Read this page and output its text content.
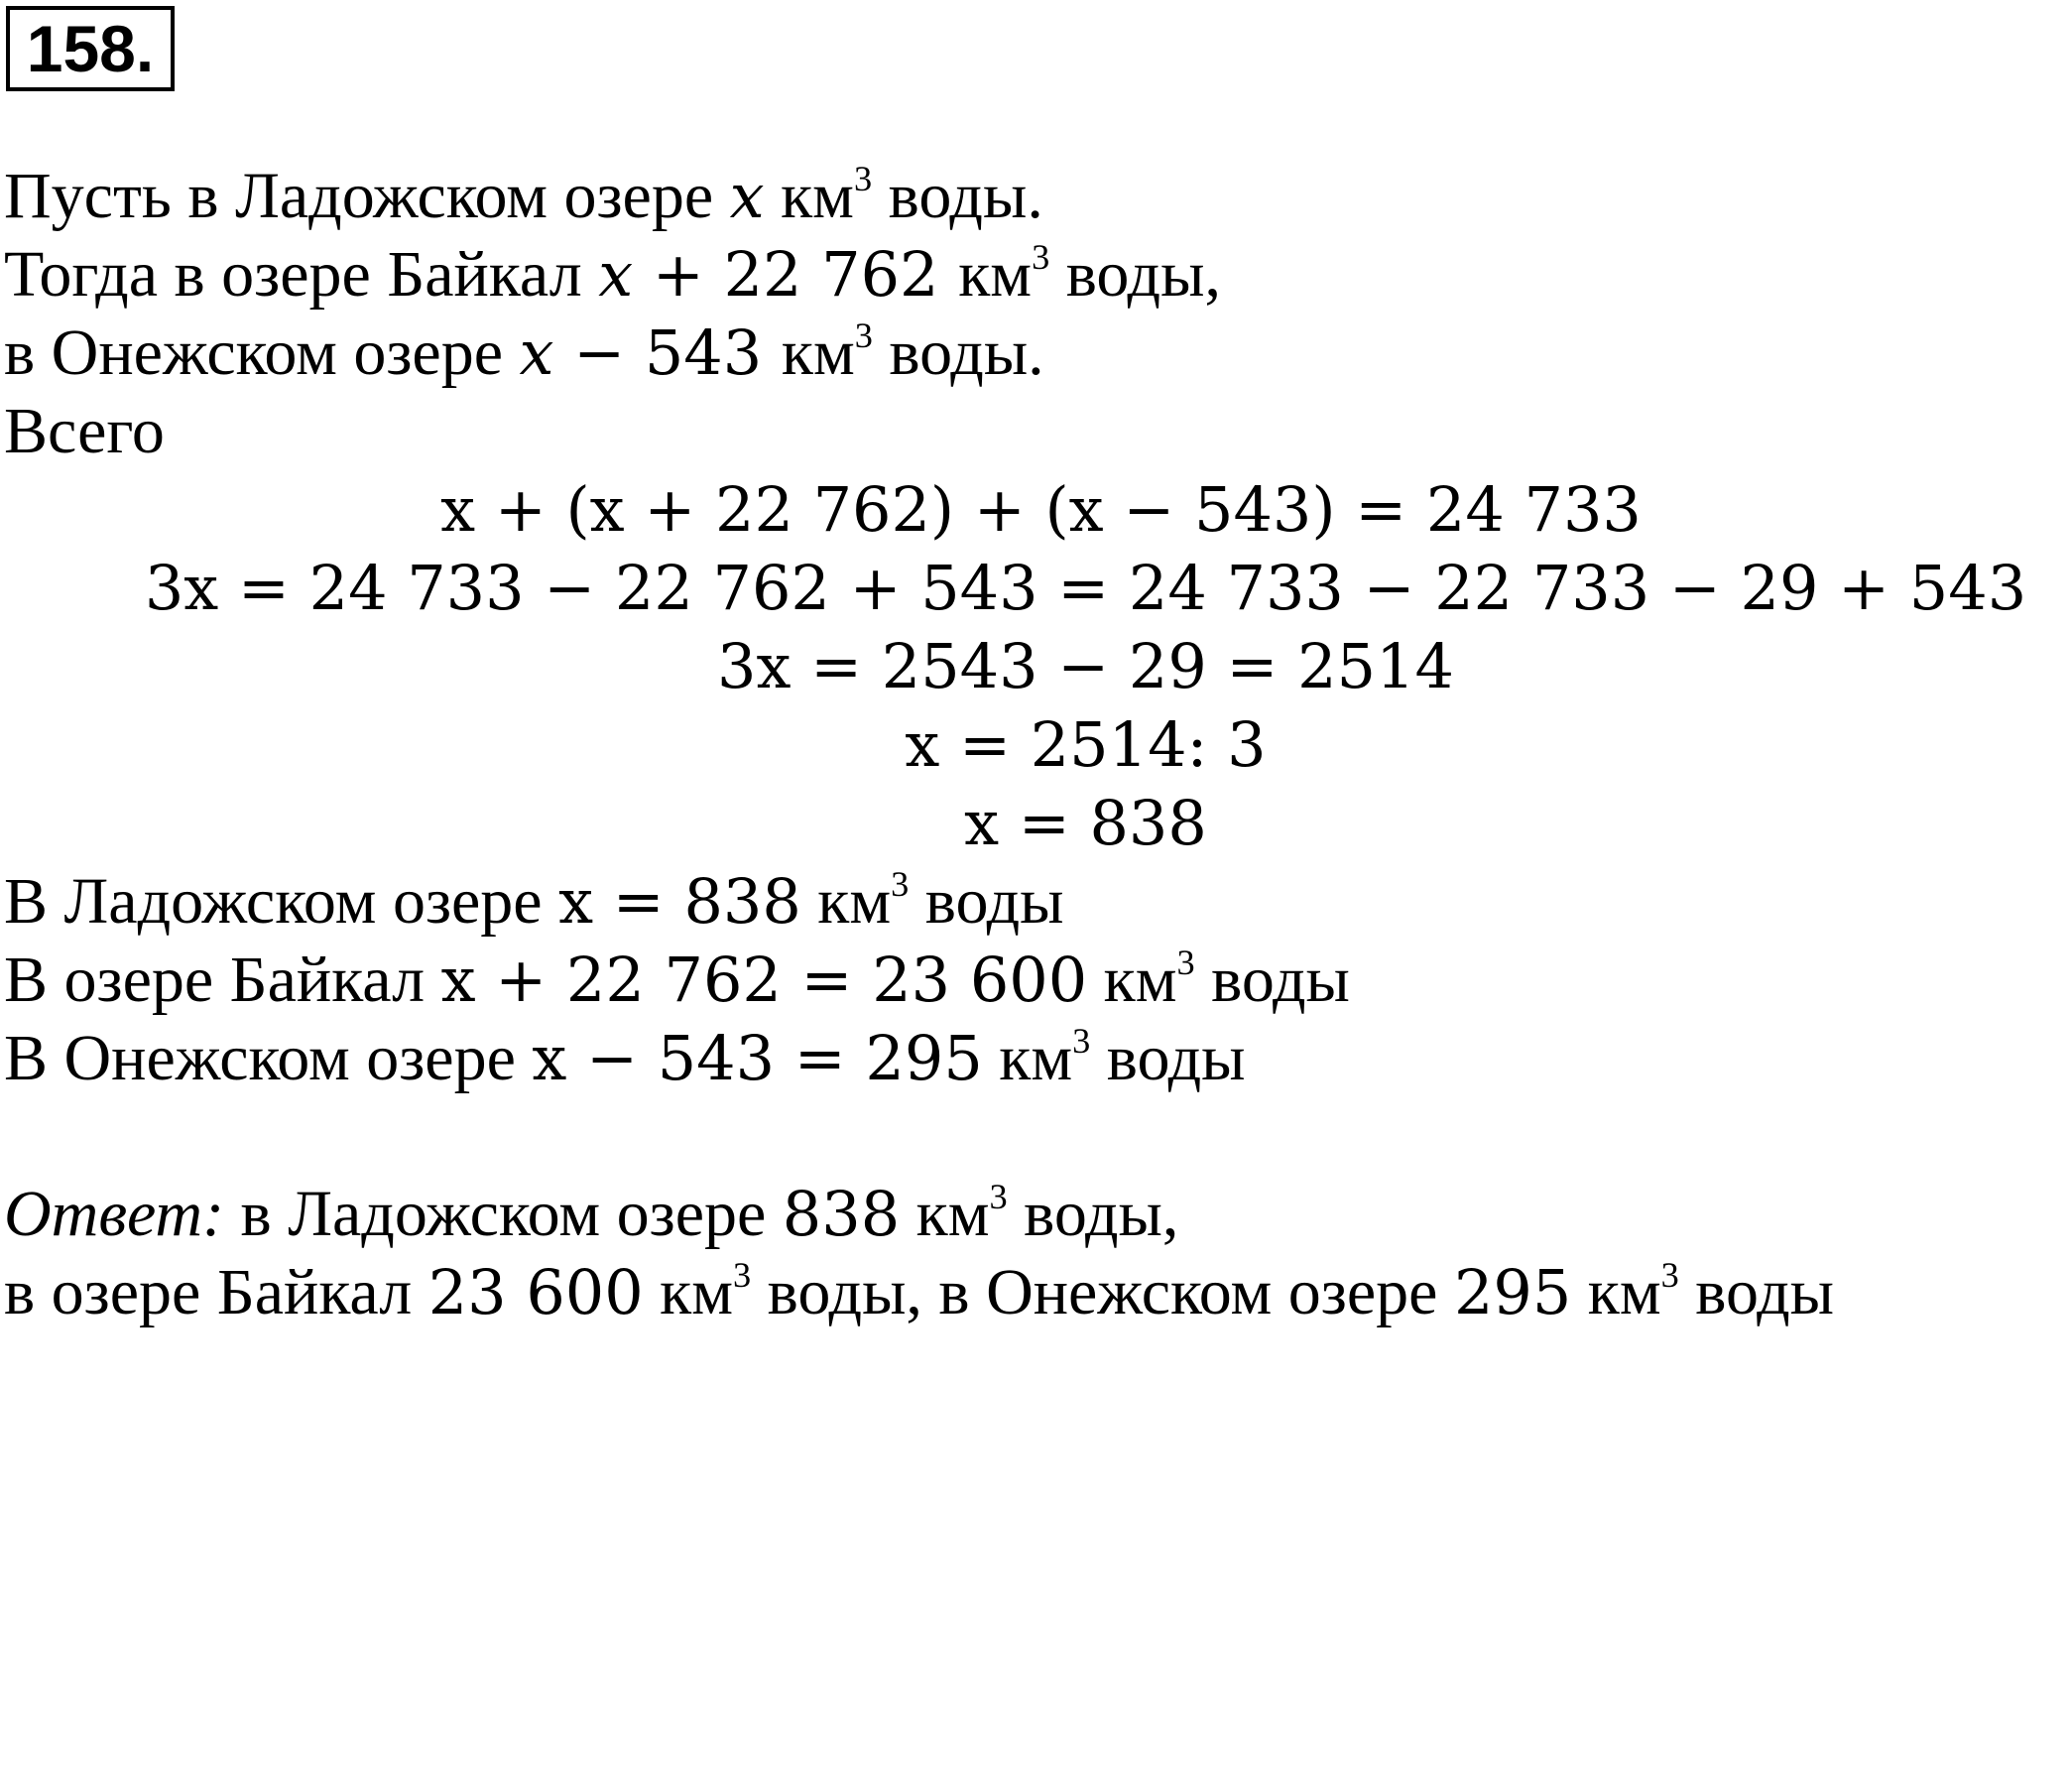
158.
Пусть в Ладожском озере x $км^3$ воды.
Тогда в озере Байкал x + 22 762 $км^3$ воды,
в Онежском озере x − 543 $км^3$ воды.
Всего
x + (x + 22 762) + (x − 543) = 24 733
3x = 24 733 − 22 762 + 543 = 24 733 − 22 733 − 29 + 543
3x = 2543 − 29 = 2514
x = 2514: 3
x = 838
В Ладожском озере x = 838 $км^3$ воды
В озере Байкал x + 22 762 = 23 600 $км^3$ воды
В Онежском озере x − 543 = 295 $км^3$ воды
Ответ: в Ладожском озере 838 $км^3$ воды,
в озере Байкал 23 600 $км^3$ воды, в Онежском озере 295 $км^3$ воды
